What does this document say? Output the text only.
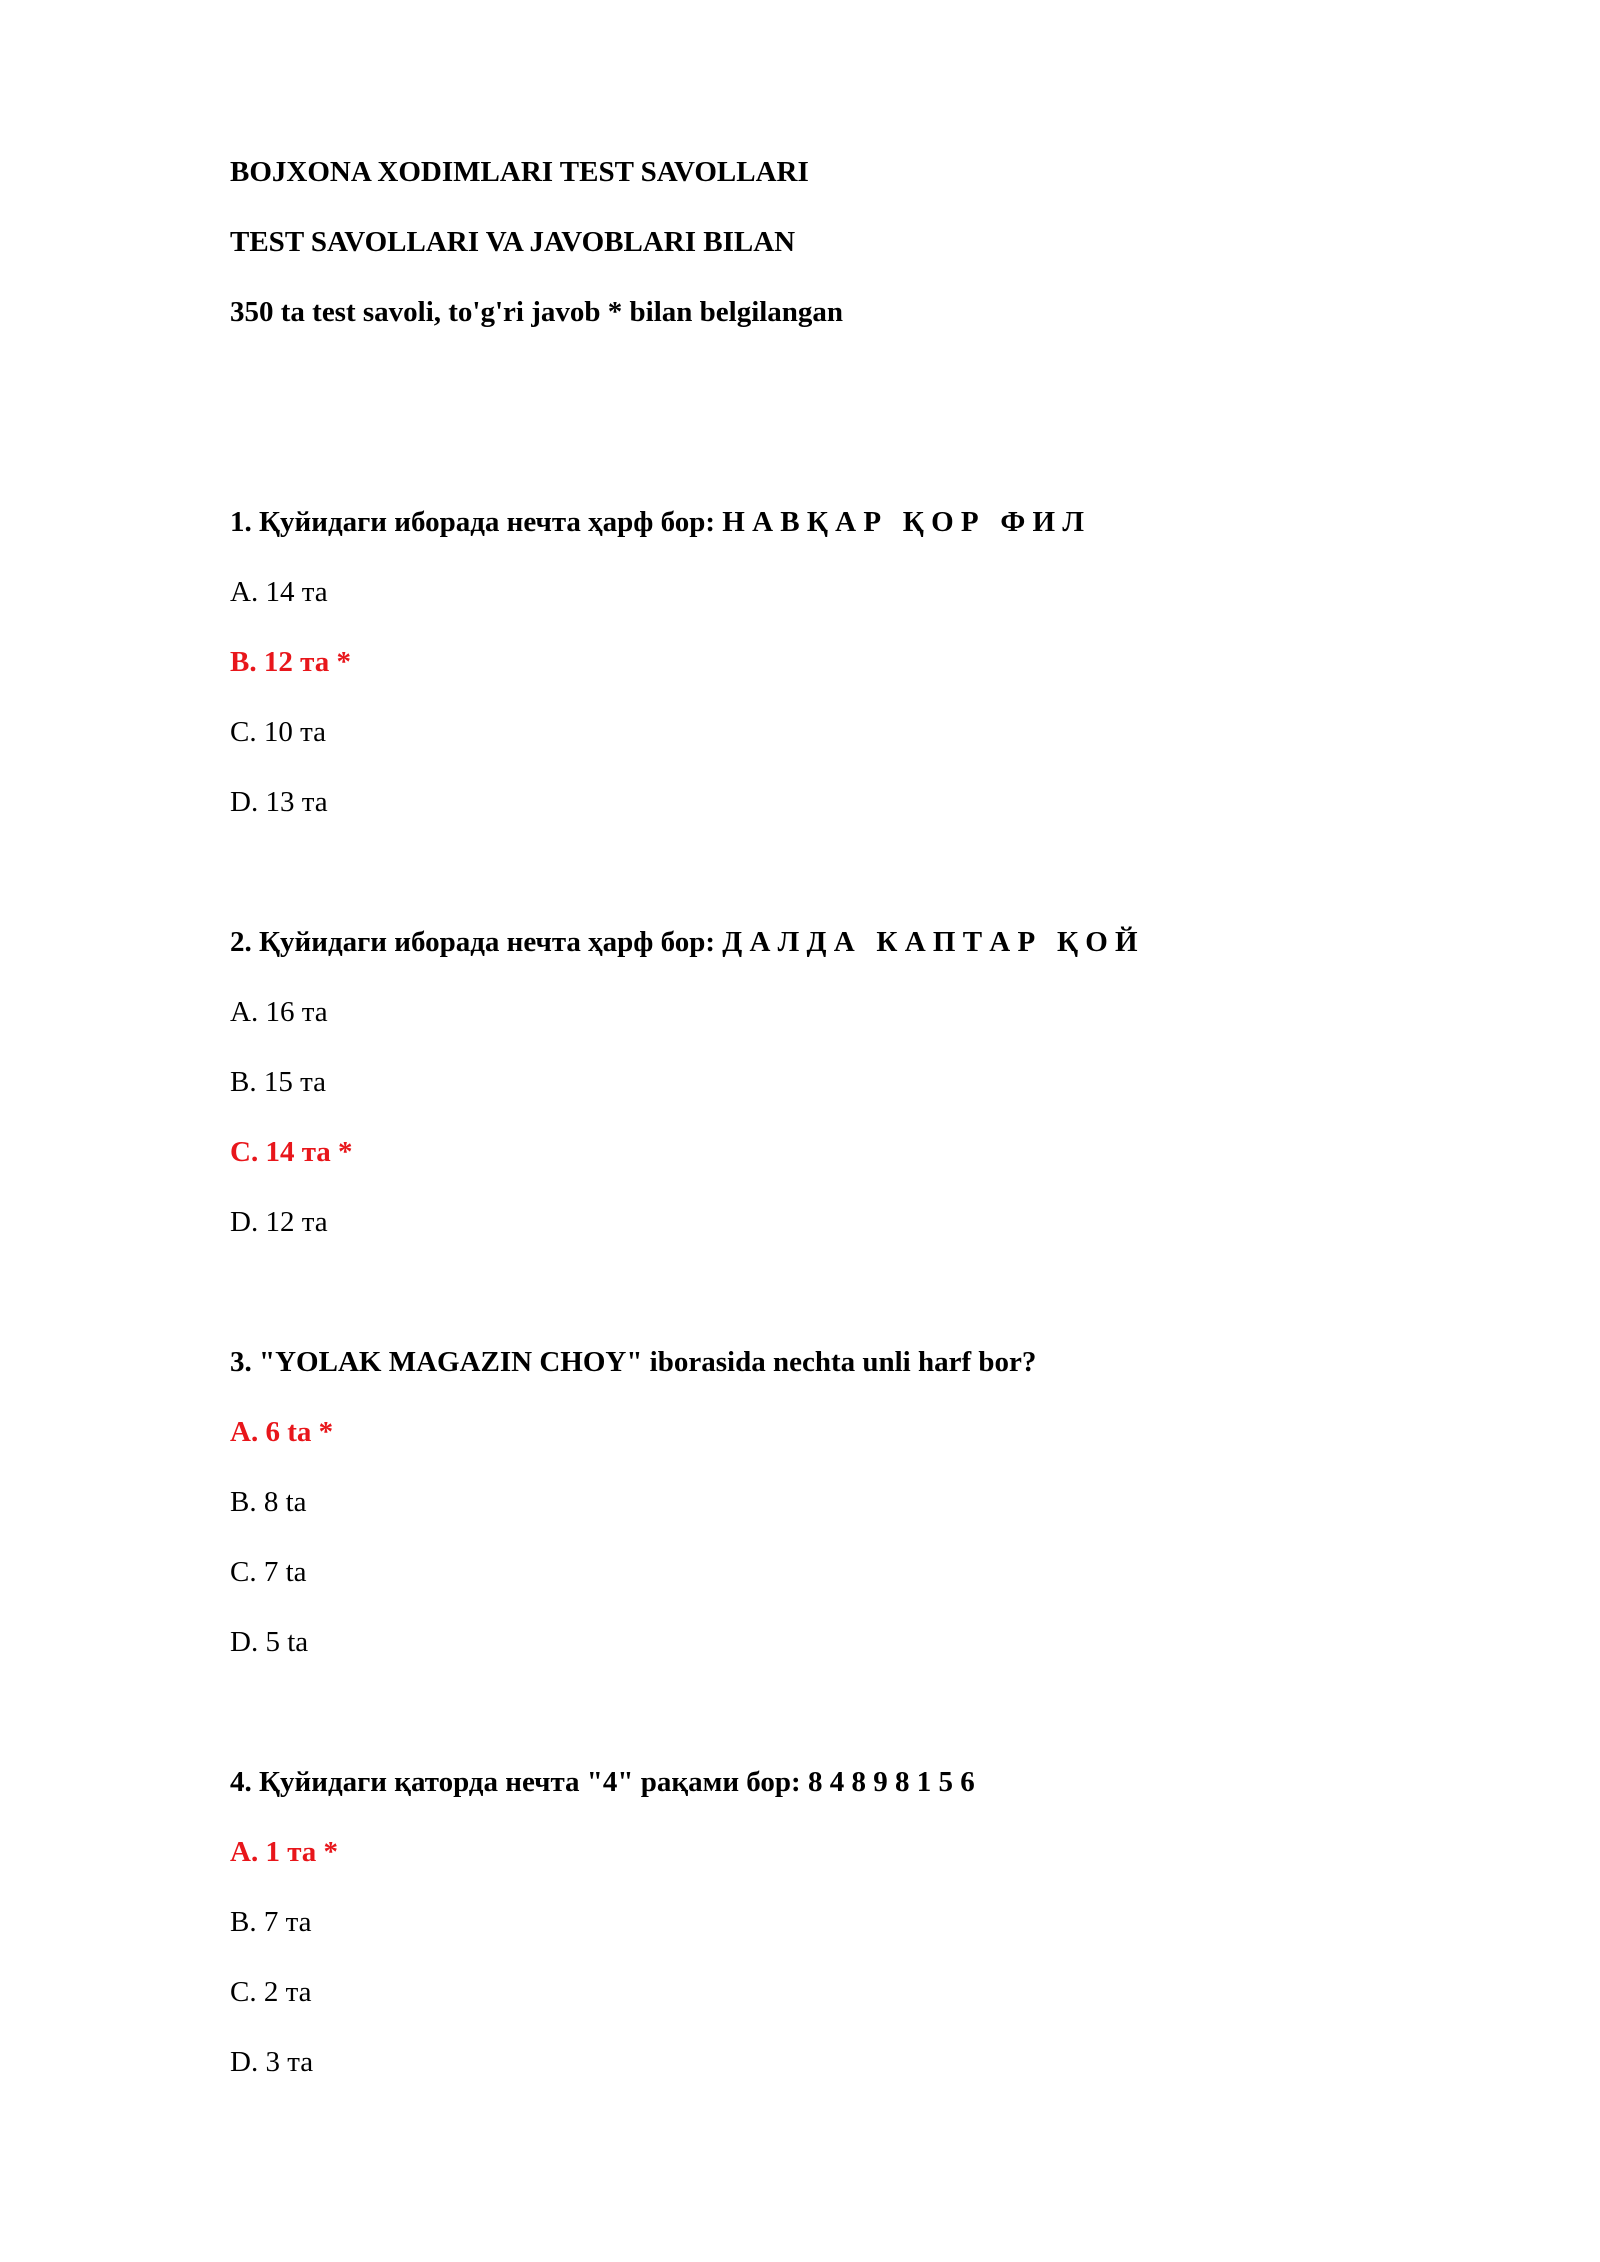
BOJXONA XODIMLARI TEST SAVOLLARI
TEST SAVOLLARI VA JAVOBLARI BILAN
350 ta test savoli, to'g'ri javob * bilan belgilangan
1. Қуйидаги иборада нечта ҳарф бор: Н А В Қ А Р   Қ О Р   Ф И Л
A. 14 та
B. 12 та *
C. 10 та
D. 13 та
2. Қуйидаги иборада нечта ҳарф бор: Д А Л Д А   К А П Т А Р   Қ О Й
A. 16 та
B. 15 та
C. 14 та *
D. 12 та
3. "YOLAK MAGAZIN CHOY" iborasida nechta unli harf bor?
A. 6 ta *
B. 8 ta
C. 7 ta
D. 5 ta
4. Қуйидаги қаторда нечта "4" рақами бор: 8 4 8 9 8 1 5 6
A. 1 та *
B. 7 та
C. 2 та
D. 3 та
